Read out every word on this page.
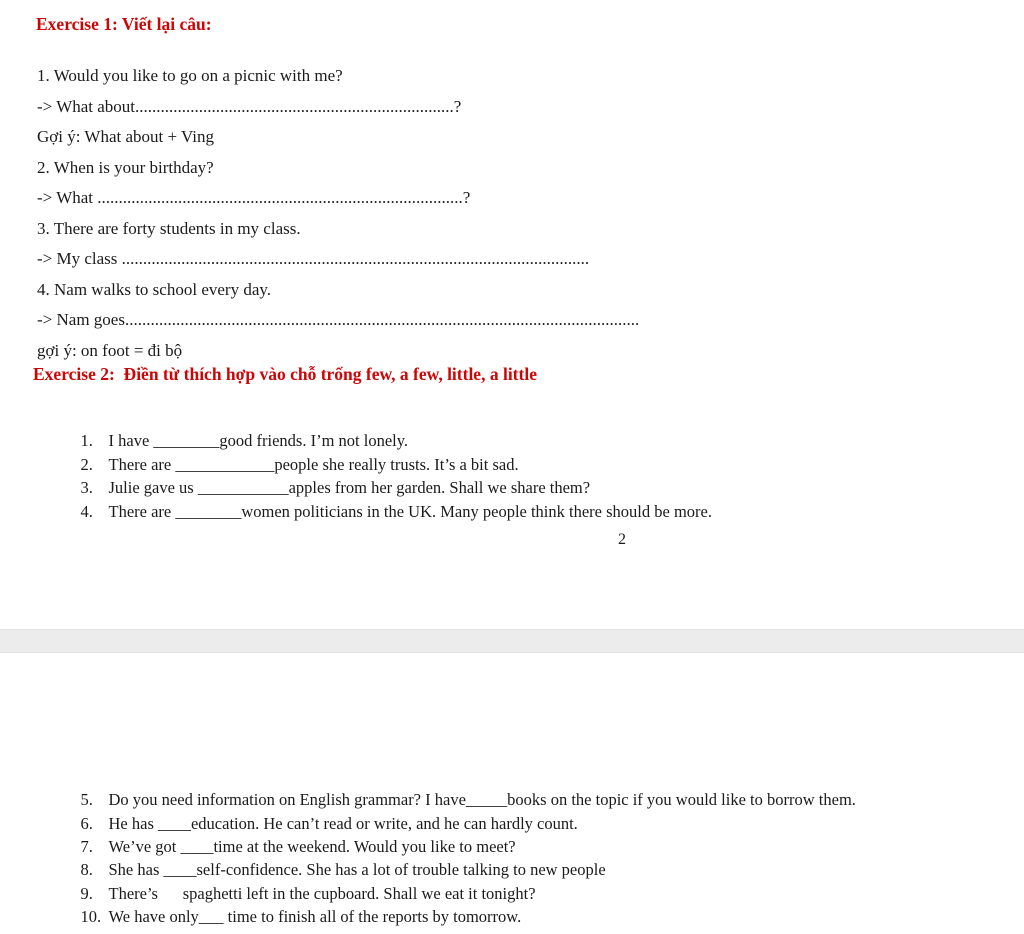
Exercise 1: Viết lại câu:
1. Would you like to go on a picnic with me?
-> What about...........................................................................?
Gợi ý: What about + Ving
2. When is your birthday?
-> What ......................................................................................?
3. There are forty students in my class.
-> My class ..............................................................................................................
4. Nam walks to school every day.
-> Nam goes.........................................................................................................................
gợi ý: on foot = đi bộ
Exercise 2:  Điền từ thích hợp vào chỗ trống few, a few, little, a little

1. I have ________good friends. I’m not lonely.

2. There are ____________people she really trusts. It’s a bit sad.

3. Julie gave us ___________apples from her garden. Shall we share them?

4. There are ________women politicians in the UK. Many people think there should be more.

2

5. Do you need information on English grammar? I have_____books on the topic if you would like to borrow them.

6. He has ____education. He can’t read or write, and he can hardly count.

7. We’ve got ____time at the weekend. Would you like to meet?

8. She has ____self-confidence. She has a lot of trouble talking to new people

9. There’s      spaghetti left in the cupboard. Shall we eat it tonight?

10. We have only___ time to finish all of the reports by tomorrow.
